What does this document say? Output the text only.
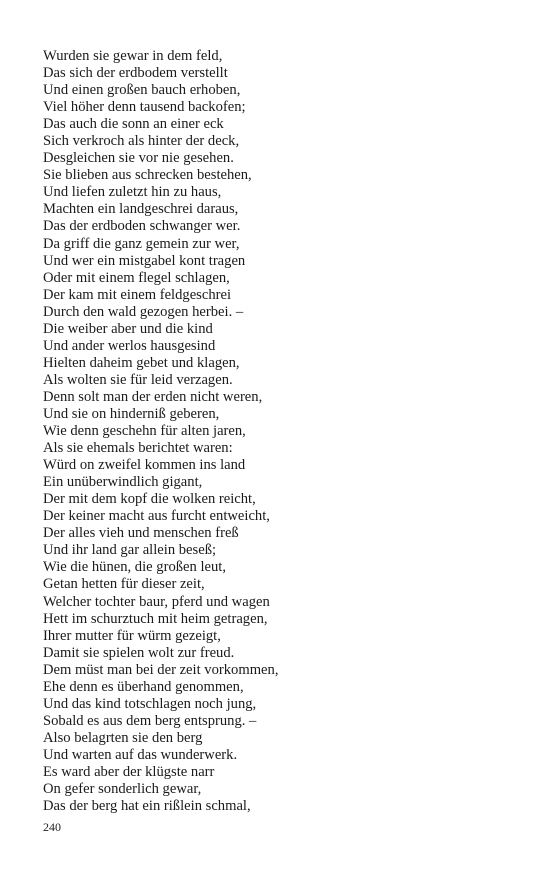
Wurden sie gewar in dem feld,
Das sich der erdbodem verstellt
Und einen großen bauch erhoben,
Viel höher denn tausend backofen;
Das auch die sonn an einer eck
Sich verkroch als hinter der deck,
Desgleichen sie vor nie gesehen.
Sie blieben aus schrecken bestehen,
Und liefen zuletzt hin zu haus,
Machten ein landgeschrei daraus,
Das der erdboden schwanger wer.
Da griff die ganz gemein zur wer,
Und wer ein mistgabel kont tragen
Oder mit einem flegel schlagen,
Der kam mit einem feldgeschrei
Durch den wald gezogen herbei. –
Die weiber aber und die kind
Und ander werlos hausgesind
Hielten daheim gebet und klagen,
Als wolten sie für leid verzagen.
Denn solt man der erden nicht weren,
Und sie on hinderniß geberen,
Wie denn geschehn für alten jaren,
Als sie ehemals berichtet waren:
Würd on zweifel kommen ins land
Ein unüberwindlich gigant,
Der mit dem kopf die wolken reicht,
Der keiner macht aus furcht entweicht,
Der alles vieh und menschen freß
Und ihr land gar allein beseß;
Wie die hünen, die großen leut,
Getan hetten für dieser zeit,
Welcher tochter baur, pferd und wagen
Hett im schurztuch mit heim getragen,
Ihrer mutter für würm gezeigt,
Damit sie spielen wolt zur freud.
Dem müst man bei der zeit vorkommen,
Ehe denn es überhand genommen,
Und das kind totschlagen noch jung,
Sobald es aus dem berg entsprung. –
Also belagrten sie den berg
Und warten auf das wunderwerk.
Es ward aber der klügste narr
On gefer sonderlich gewar,
Das der berg hat ein rißlein schmal,
240
